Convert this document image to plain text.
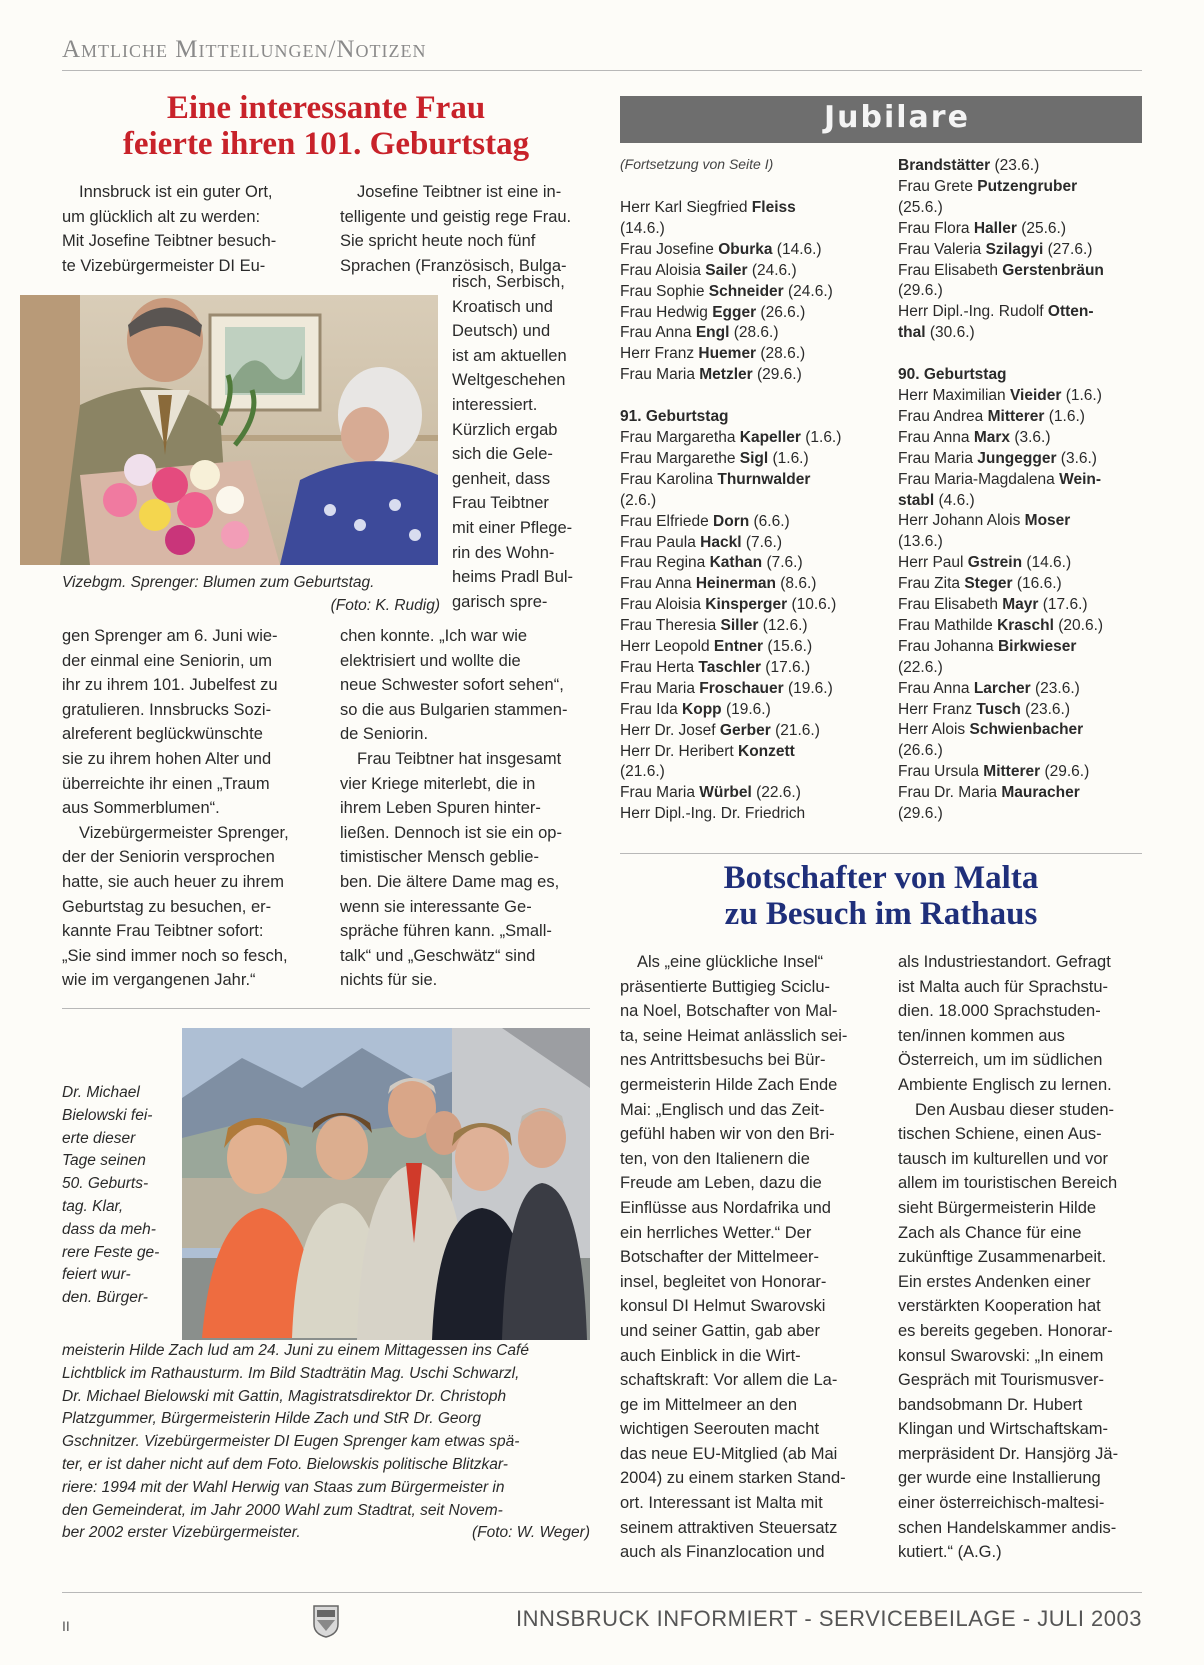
Amtliche Mitteilungen/Notizen
Eine interessante Frau
feierte ihren 101. Geburtstag

Innsbruck ist ein guter Ort,
um glücklich alt zu werden:
Mit Josefine Teibtner besuch-
te Vizebürgermeister DI Eu-

Josefine Teibtner ist eine in-
telligente und geistig rege Frau.
Sie spricht heute noch fünf
Sprachen (Französisch, Bulga-

risch, Serbisch,
Kroatisch und
Deutsch) und
ist am aktuellen
Weltgeschehen
interessiert.
Kürzlich ergab
sich die Gele-
genheit, dass
Frau Teibtner
mit einer Pflege-
rin des Wohn-
heims Pradl Bul-
garisch spre-

Vizebgm. Sprenger: Blumen zum Geburtstag.
(Foto: K. Rudig)

gen Sprenger am 6. Juni wie-
der einmal eine Seniorin, um
ihr zu ihrem 101. Jubelfest zu
gratulieren. Innsbrucks Sozi-
alreferent beglückwünschte
sie zu ihrem hohen Alter und
überreichte ihr einen „Traum
aus Sommerblumen“.

Vizebürgermeister Sprenger,
der der Seniorin versprochen
hatte, sie auch heuer zu ihrem
Geburtstag zu besuchen, er-
kannte Frau Teibtner sofort:
„Sie sind immer noch so fesch,
wie im vergangenen Jahr.“

chen konnte. „Ich war wie
elektrisiert und wollte die
neue Schwester sofort sehen“,
so die aus Bulgarien stammen-
de Seniorin.

Frau Teibtner hat insgesamt
vier Kriege miterlebt, die in
ihrem Leben Spuren hinter-
ließen. Dennoch ist sie ein op-
timistischer Mensch geblie-
ben. Die ältere Dame mag es,
wenn sie interessante Ge-
spräche führen kann. „Small-
talk“ und „Geschwätz“ sind
nichts für sie.

Dr. Michael
Bielowski fei-
erte dieser
Tage seinen
50. Geburts-
tag. Klar,
dass da meh-
rere Feste ge-
feiert wur-
den. Bürger-
meisterin Hilde Zach lud am 24. Juni zu einem Mittagessen ins Café
Lichtblick im Rathausturm. Im Bild Stadträtin Mag. Uschi Schwarzl,
Dr. Michael Bielowski mit Gattin, Magistratsdirektor Dr. Christoph
Platzgummer, Bürgermeisterin Hilde Zach und StR Dr. Georg
Gschnitzer. Vizebürgermeister DI Eugen Sprenger kam etwas spä-
ter, er ist daher nicht auf dem Foto. Bielowskis politische Blitzkar-
riere: 1994 mit der Wahl Herwig van Staas zum Bürgermeister in
den Gemeinderat, im Jahr 2000 Wahl zum Stadtrat, seit Novem-
ber 2002 erster Vizebürgermeister.	(Foto: W. Weger)
Jubilare
(Fortsetzung von Seite I)
Herr Karl Siegfried Fleiss
(14.6.)
Frau Josefine Oburka (14.6.)
Frau Aloisia Sailer (24.6.)
Frau Sophie Schneider (24.6.)
Frau Hedwig Egger (26.6.)
Frau Anna Engl (28.6.)
Herr Franz Huemer (28.6.)
Frau Maria Metzler (29.6.)
91. Geburtstag
Frau Margaretha Kapeller (1.6.)
Frau Margarethe Sigl (1.6.)
Frau Karolina Thurnwalder
(2.6.)
Frau Elfriede Dorn (6.6.)
Frau Paula Hackl (7.6.)
Frau Regina Kathan (7.6.)
Frau Anna Heinerman (8.6.)
Frau Aloisia Kinsperger (10.6.)
Frau Theresia Siller (12.6.)
Herr Leopold Entner (15.6.)
Frau Herta Taschler (17.6.)
Frau Maria Froschauer (19.6.)
Frau Ida Kopp (19.6.)
Herr Dr. Josef Gerber (21.6.)
Herr Dr. Heribert Konzett
(21.6.)
Frau Maria Würbel (22.6.)
Herr Dipl.-Ing. Dr. Friedrich
Brandstätter (23.6.)
Frau Grete Putzengruber
(25.6.)
Frau Flora Haller (25.6.)
Frau Valeria Szilagyi (27.6.)
Frau Elisabeth Gerstenbräun
(29.6.)
Herr Dipl.-Ing. Rudolf Otten-
thal (30.6.)
90. Geburtstag
Herr Maximilian Vieider (1.6.)
Frau Andrea Mitterer (1.6.)
Frau Anna Marx (3.6.)
Frau Maria Jungegger (3.6.)
Frau Maria-Magdalena Wein-
stabl (4.6.)
Herr Johann Alois Moser
(13.6.)
Herr Paul Gstrein (14.6.)
Frau Zita Steger (16.6.)
Frau Elisabeth Mayr (17.6.)
Frau Mathilde Kraschl (20.6.)
Frau Johanna Birkwieser
(22.6.)
Frau Anna Larcher (23.6.)
Herr Franz Tusch (23.6.)
Herr Alois Schwienbacher
(26.6.)
Frau Ursula Mitterer (29.6.)
Frau Dr. Maria Mauracher
(29.6.)
Botschafter von Malta
zu Besuch im Rathaus

Als „eine glückliche Insel“
präsentierte Buttigieg Sciclu-
na Noel, Botschafter von Mal-
ta, seine Heimat anlässlich sei-
nes Antrittsbesuchs bei Bür-
germeisterin Hilde Zach Ende
Mai: „Englisch und das Zeit-
gefühl haben wir von den Bri-
ten, von den Italienern die
Freude am Leben, dazu die
Einflüsse aus Nordafrika und
ein herrliches Wetter.“ Der
Botschafter der Mittelmeer-
insel, begleitet von Honorar-
konsul DI Helmut Swarovski
und seiner Gattin, gab aber
auch Einblick in die Wirt-
schaftskraft: Vor allem die La-
ge im Mittelmeer an den
wichtigen Seerouten macht
das neue EU-Mitglied (ab Mai
2004) zu einem starken Stand-
ort. Interessant ist Malta mit
seinem attraktiven Steuersatz
auch als Finanzlocation und

als Industriestandort. Gefragt
ist Malta auch für Sprachstu-
dien. 18.000 Sprachstuden-
ten/innen kommen aus
Österreich, um im südlichen
Ambiente Englisch zu lernen.

Den Ausbau dieser studen-
tischen Schiene, einen Aus-
tausch im kulturellen und vor
allem im touristischen Bereich
sieht Bürgermeisterin Hilde
Zach als Chance für eine
zukünftige Zusammenarbeit.
Ein erstes Andenken einer
verstärkten Kooperation hat
es bereits gegeben. Honorar-
konsul Swarovski: „In einem
Gespräch mit Tourismusver-
bandsobmann Dr. Hubert
Klingan und Wirtschaftskam-
merpräsident Dr. Hansjörg Jä-
ger wurde eine Installierung
einer österreichisch-maltesi-
schen Handelskammer andis-
kutiert.“ (A.G.)

II	INNSBRUCK INFORMIERT - SERVICEBEILAGE - JULI 2003
